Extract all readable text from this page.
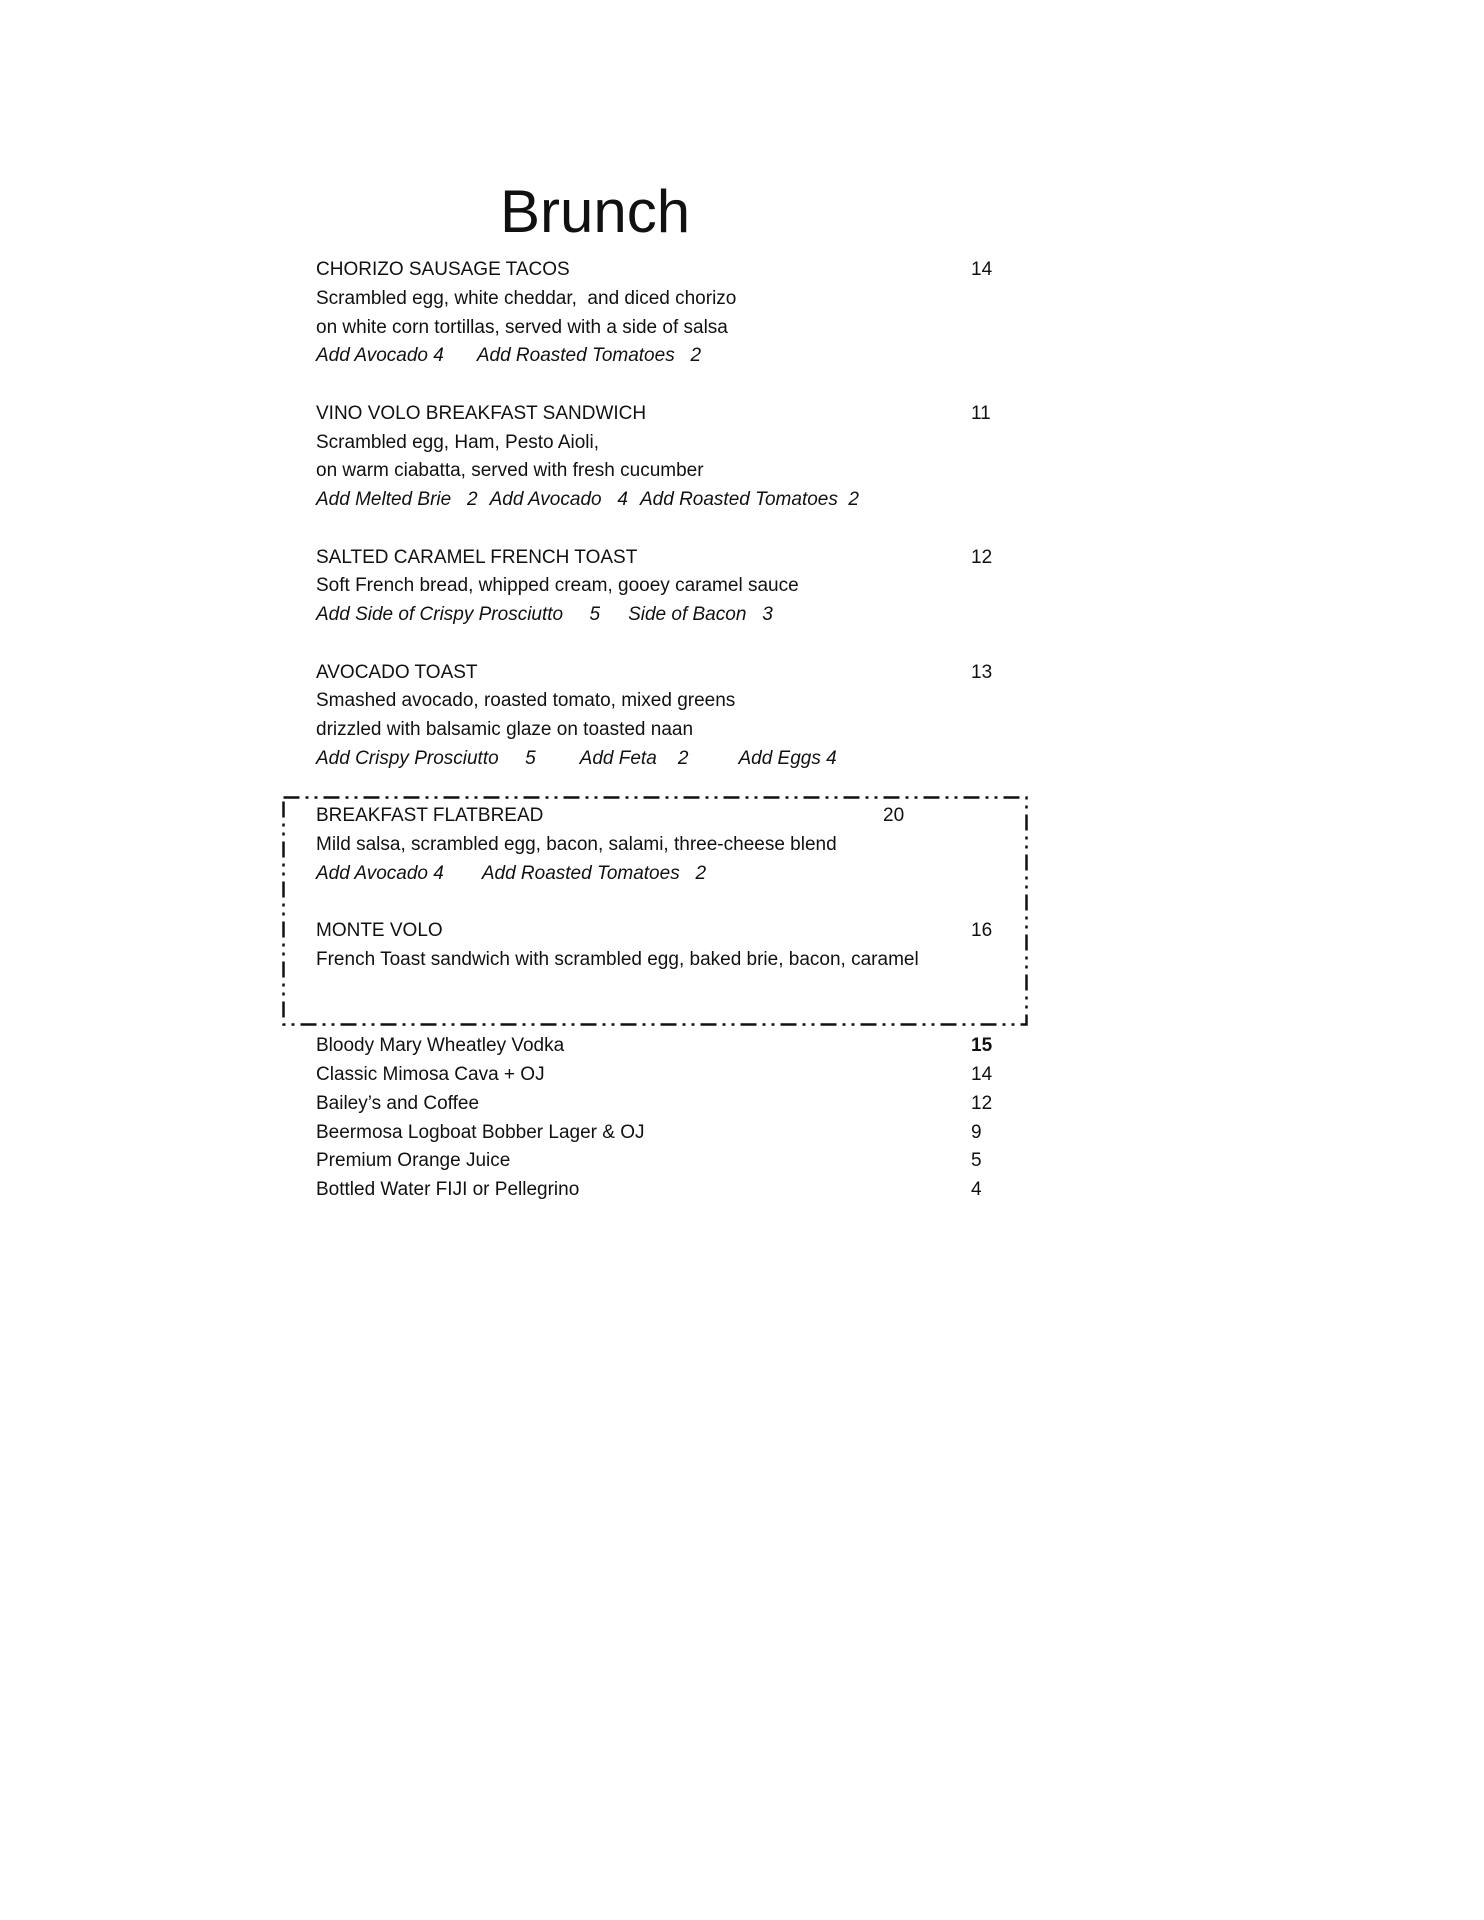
Brunch
CHORIZO SAUSAGE TACOS	14
Scrambled egg, white cheddar,  and diced chorizo
on white corn tortillas, served with a side of salsa
Add Avocado 4 Add Roasted Tomatoes   2
VINO VOLO BREAKFAST SANDWICH	11
Scrambled egg, Ham, Pesto Aioli,
on warm ciabatta, served with fresh cucumber
Add Melted Brie   2 Add Avocado   4 Add Roasted Tomatoes  2
SALTED CARAMEL FRENCH TOAST	12
Soft French bread, whipped cream, gooey caramel sauce
Add Side of Crispy Prosciutto     5 Side of Bacon   3
AVOCADO TOAST	13
Smashed avocado, roasted tomato, mixed greens
drizzled with balsamic glaze on toasted naan
Add Crispy Prosciutto     5 Add Feta    2	Add Eggs 4
BREAKFAST FLATBREAD	20
Mild salsa, scrambled egg, bacon, salami, three-cheese blend
Add Avocado 4 Add Roasted Tomatoes   2
MONTE VOLO	16
French Toast sandwich with scrambled egg, baked brie, bacon, caramel
Bloody Mary Wheatley Vodka	15
Classic Mimosa Cava + OJ	14
Bailey’s and Coffee	12
Beermosa Logboat Bobber Lager & OJ	9
Premium Orange Juice	5
Bottled Water FIJI or Pellegrino	4
